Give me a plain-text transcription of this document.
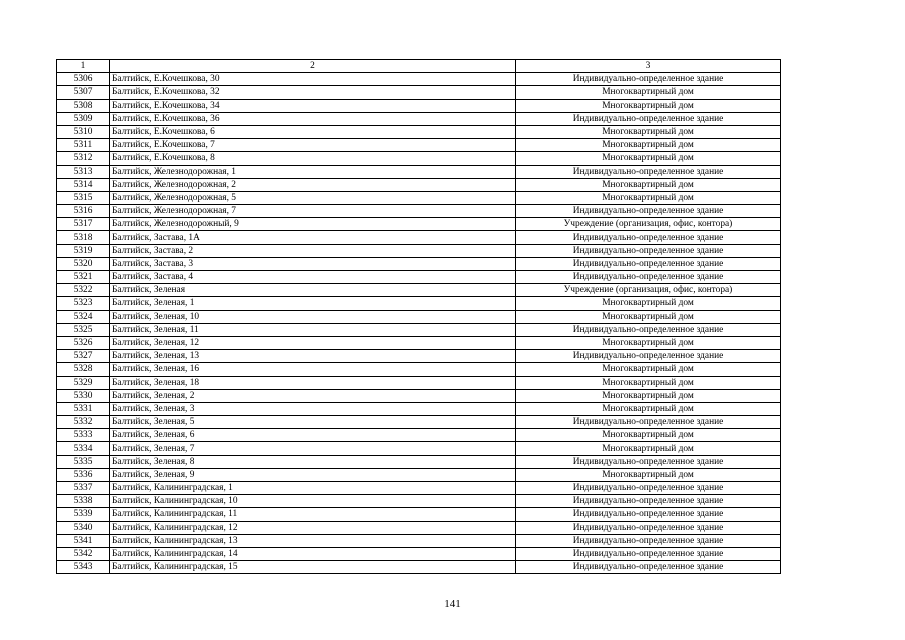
1	2	3
5306	Балтийск, Е.Кочешкова, 30	Индивидуально-определенное здание
5307	Балтийск, Е.Кочешкова, 32	Многоквартирный дом
5308	Балтийск, Е.Кочешкова, 34	Многоквартирный дом
5309	Балтийск, Е.Кочешкова, 36	Индивидуально-определенное здание
5310	Балтийск, Е.Кочешкова, 6	Многоквартирный дом
5311	Балтийск, Е.Кочешкова, 7	Многоквартирный дом
5312	Балтийск, Е.Кочешкова, 8	Многоквартирный дом
5313	Балтийск, Железнодорожная, 1	Индивидуально-определенное здание
5314	Балтийск, Железнодорожная, 2	Многоквартирный дом
5315	Балтийск, Железнодорожная, 5	Многоквартирный дом
5316	Балтийск, Железнодорожная, 7	Индивидуально-определенное здание
5317	Балтийск, Железнодорожный, 9	Учреждение (организация, офис, контора)
5318	Балтийск, Застава, 1А	Индивидуально-определенное здание
5319	Балтийск, Застава, 2	Индивидуально-определенное здание
5320	Балтийск, Застава, 3	Индивидуально-определенное здание
5321	Балтийск, Застава, 4	Индивидуально-определенное здание
5322	Балтийск, Зеленая	Учреждение (организация, офис, контора)
5323	Балтийск, Зеленая, 1	Многоквартирный дом
5324	Балтийск, Зеленая, 10	Многоквартирный дом
5325	Балтийск, Зеленая, 11	Индивидуально-определенное здание
5326	Балтийск, Зеленая, 12	Многоквартирный дом
5327	Балтийск, Зеленая, 13	Индивидуально-определенное здание
5328	Балтийск, Зеленая, 16	Многоквартирный дом
5329	Балтийск, Зеленая, 18	Многоквартирный дом
5330	Балтийск, Зеленая, 2	Многоквартирный дом
5331	Балтийск, Зеленая, 3	Многоквартирный дом
5332	Балтийск, Зеленая, 5	Индивидуально-определенное здание
5333	Балтийск, Зеленая, 6	Многоквартирный дом
5334	Балтийск, Зеленая, 7	Многоквартирный дом
5335	Балтийск, Зеленая, 8	Индивидуально-определенное здание
5336	Балтийск, Зеленая, 9	Многоквартирный дом
5337	Балтийск, Калининградская, 1	Индивидуально-определенное здание
5338	Балтийск, Калининградская, 10	Индивидуально-определенное здание
5339	Балтийск, Калининградская, 11	Индивидуально-определенное здание
5340	Балтийск, Калининградская, 12	Индивидуально-определенное здание
5341	Балтийск, Калининградская, 13	Индивидуально-определенное здание
5342	Балтийск, Калининградская, 14	Индивидуально-определенное здание
5343	Балтийск, Калининградская, 15	Индивидуально-определенное здание
141
